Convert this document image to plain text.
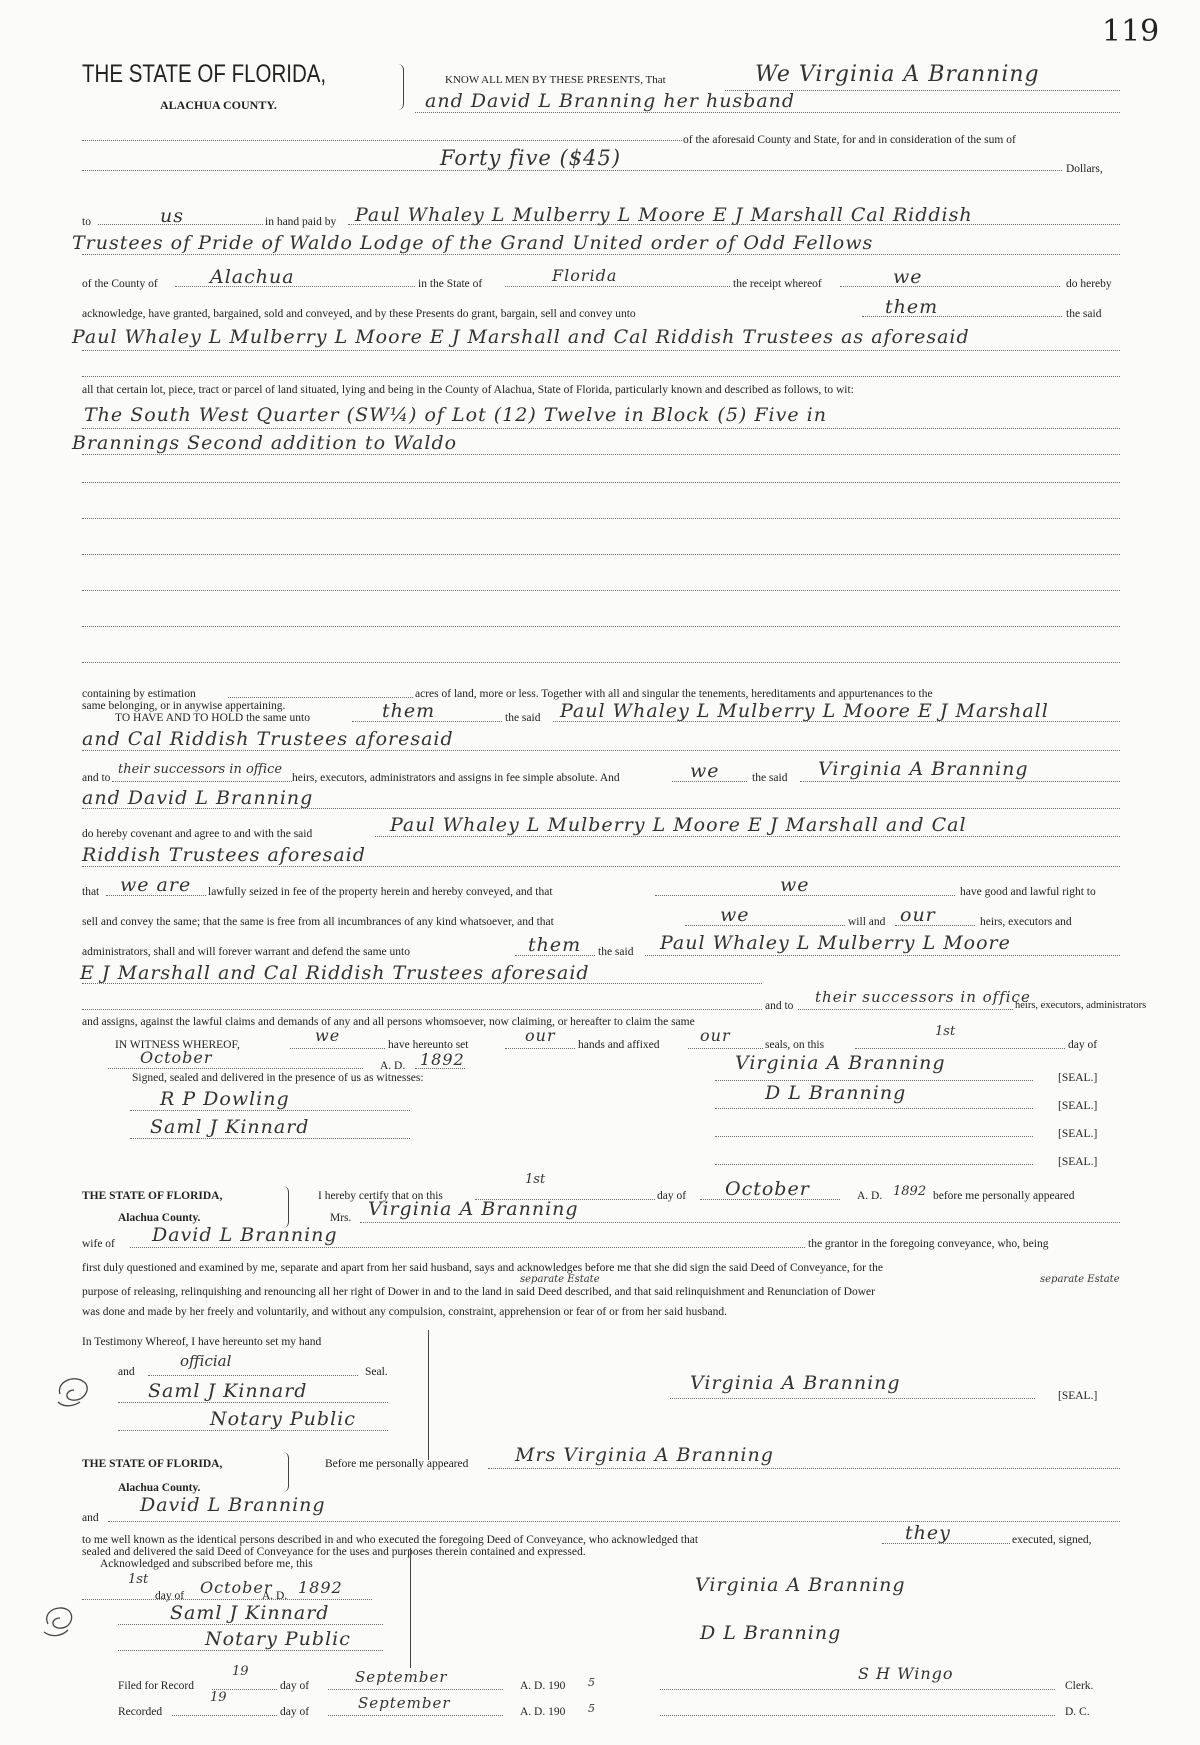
119
THE STATE OF FLORIDA,
ALACHUA COUNTY.
KNOW ALL MEN BY THESE PRESENTS, That	We Virginia A Branning
and David L Branning her husband
of the aforesaid County and State, for and in consideration of the sum of
Forty five ($45)	Dollars,
to	us	in hand paid by Paul Whaley L Mulberry L Moore E J Marshall Cal Riddish
Trustees of Pride of Waldo Lodge of the Grand United order of Odd Fellows
of the County of	Alachua	in the State of	Florida	the receipt whereof	we	do hereby
acknowledge, have granted, bargained, sold and conveyed, and by these Presents do grant, bargain, sell and convey unto	them	the said
Paul Whaley L Mulberry L Moore E J Marshall and Cal Riddish Trustees as aforesaid
all that certain lot, piece, tract or parcel of land situated, lying and being in the County of Alachua, State of Florida, particularly known and described as follows, to wit:
The South West Quarter (SW¼) of Lot (12) Twelve in Block (5) Five in
Brannings Second addition to Waldo
containing by estimation	acres of land, more or less. Together with all and singular the tenements, hereditaments and appurtenances to the
same belonging, or in anywise appertaining.
TO HAVE AND TO HOLD the same unto	them	the said Paul Whaley L Mulberry L Moore E J Marshall
and Cal Riddish Trustees aforesaid
and to
their successors in office
heirs, executors, administrators and assigns in fee simple absolute. And	we	the said Virginia A Branning
and David L Branning
do hereby covenant and agree to and with the said	Paul Whaley L Mulberry L Moore E J Marshall and Cal
Riddish Trustees aforesaid
that we are lawfully seized in fee of the property herein and hereby conveyed, and that	we	have good and lawful right to
sell and convey the same; that the same is free from all incumbrances of any kind whatsoever, and that	we	will and our	heirs, executors and
administrators, shall and will forever warrant and defend the same unto	them the said Paul Whaley L Mulberry L Moore
E J Marshall and Cal Riddish Trustees aforesaid
and to their successors in office
heirs, executors, administrators
and assigns, against the lawful claims and demands of any and all persons whomsoever, now claiming, or hereafter to claim the same
IN WITNESS WHEREOF,	we	have hereunto set	our hands and affixed	our	seals, on this
1st
day of
October	A. D. 1892
Signed, sealed and delivered in the presence of us as witnesses:
R P Dowling
Saml J Kinnard
Virginia A Branning
[SEAL.]
D L Branning
[SEAL.]
[SEAL.]
[SEAL.]
THE STATE OF FLORIDA,
Alachua County.
I hereby certify that on this
1st
day of October	A. D. 1892 before me personally appeared
Mrs. Virginia A Branning
wife of David L Branning	the grantor in the foregoing conveyance, who, being
first duly questioned and examined by me, separate and apart from her said husband, says and acknowledges before me that she did sign the said Deed of Conveyance, for the
separate Estate	separate Estate
purpose of releasing, relinquishing and renouncing all her right of Dower in and to the land in said Deed described, and that said relinquishment and Renunciation of Dower
was done and made by her freely and voluntarily, and without any compulsion, constraint, apprehension or fear of or from her said husband.
In Testimony Whereof, I have hereunto set my hand
and
official
Seal.
Saml J Kinnard
Notary Public
Virginia A Branning
[SEAL.]
THE STATE OF FLORIDA,
Alachua County.
Before me personally appeared Mrs Virginia A Branning
and
David L Branning
to me well known as the identical persons described in and who executed the foregoing Deed of Conveyance, who acknowledged that	they	executed, signed,
sealed and delivered the said Deed of Conveyance for the uses and purposes therein contained and expressed.
Acknowledged and subscribed before me, this
1st
day of October
A. D. 1892
Saml J Kinnard
Notary Public
Virginia A Branning
D L Branning
Filed for Record
19
day of	September	A. D. 190 5	S H Wingo
Clerk.
Recorded
19
day of	September	A. D. 190 5	D. C.
